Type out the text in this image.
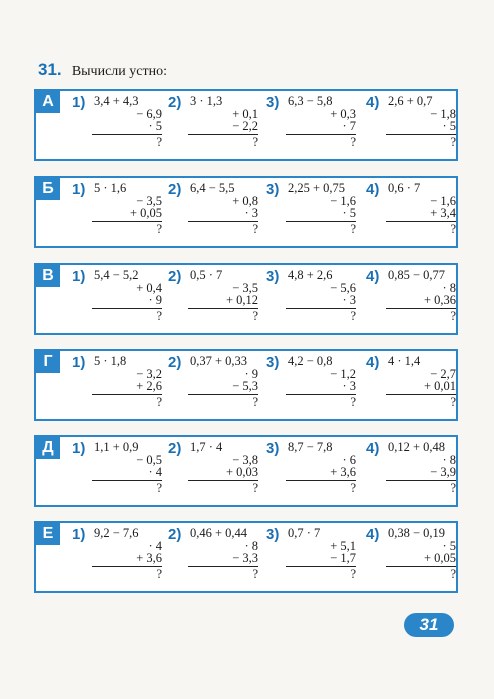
31. Вычисли устно:
А	1) 3,4 + 4,3
− 6,9
· 5
?
2) 3 · 1,3
+ 0,1
− 2,2
?
3) 6,3 − 5,8
+ 0,3
· 7
?
4) 2,6 + 0,7
− 1,8
· 5
?
Б	1) 5 · 1,6
− 3,5
+ 0,05
?
2) 6,4 − 5,5
+ 0,8
· 3
?
3) 2,25 + 0,75
− 1,6
· 5
?
4) 0,6 · 7
− 1,6
+ 3,4
?
В	1) 5,4 − 5,2
+ 0,4
· 9
?
2) 0,5 · 7
− 3,5
+ 0,12
?
3) 4,8 + 2,6
− 5,6
· 3
?
4) 0,85 − 0,77
· 8
+ 0,36
?
Г	1) 5 · 1,8
− 3,2
+ 2,6
?
2) 0,37 + 0,33
· 9
− 5,3
?
3) 4,2 − 0,8
− 1,2
· 3
?
4) 4 · 1,4
− 2,7
+ 0,01
?
Д	1) 1,1 + 0,9
− 0,5
· 4
?
2) 1,7 · 4
− 3,8
+ 0,03
?
3) 8,7 − 7,8
· 6
+ 3,6
?
4) 0,12 + 0,48
· 8
− 3,9
?
Е	1) 9,2 − 7,6
· 4
+ 3,6
?
2) 0,46 + 0,44
· 8
− 3,3
?
3) 0,7 · 7
+ 5,1
− 1,7
?
4) 0,38 − 0,19
· 5
+ 0,05
?
31
